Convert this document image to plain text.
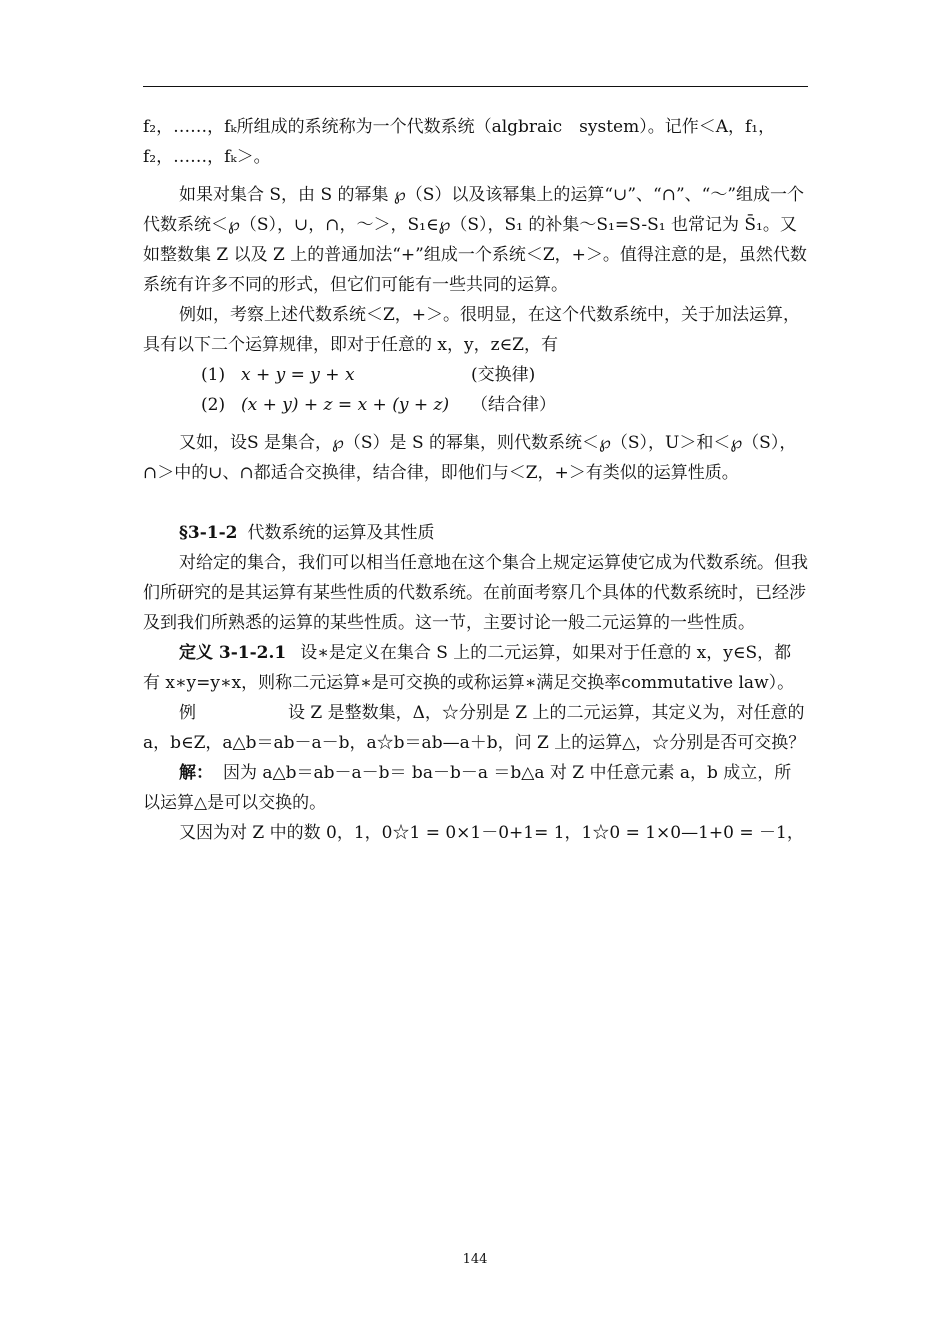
f₂，……，fₖ所组成的系统称为一个代数系统（algbraic　system）。记作＜A，f₁，

f₂，……，fₖ＞。

如果对集合 S，由 S 的幂集 ℘（S）以及该幂集上的运算“∪”、“∩”、“～”组成一个代数系统＜℘（S），∪，∩，～＞，S₁∈℘（S），S₁ 的补集～S₁=S-S₁ 也常记为 S̄₁。又如整数集 Z 以及 Z 上的普通加法“+”组成一个系统＜Z，+＞。值得注意的是，虽然代数系统有许多不同的形式，但它们可能有一些共同的运算。

例如，考察上述代数系统＜Z，+＞。很明显，在这个代数系统中，关于加法运算，具有以下二个运算规律，即对于任意的 x，y，z∈Z，有

(1) x + y = y + x	(交换律)
(2) (x + y) + z = x + (y + z) （结合律）

又如，设S 是集合，℘（S）是 S 的幂集，则代数系统＜℘（S），U＞和＜℘（S），∩＞中的∪、∩都适合交换律，结合律，即他们与＜Z，+＞有类似的运算性质。

§3-1-2 代数系统的运算及其性质

对给定的集合，我们可以相当任意地在这个集合上规定运算使它成为代数系统。但我们所研究的是其运算有某些性质的代数系统。在前面考察几个具体的代数系统时，已经涉及到我们所熟悉的运算的某些性质。这一节，主要讨论一般二元运算的一些性质。

定义 3-1-2.1 设∗是定义在集合 S 上的二元运算，如果对于任意的 x，y∈S，都有 x∗y=y∗x，则称二元运算∗是可交换的或称运算∗满足交换率commutative law）。

例	设 Z 是整数集，Δ，☆分别是 Z 上的二元运算，其定义为，对任意的 a，b∈Z，a△b＝ab－a－b，a☆b＝ab—a＋b，问 Z 上的运算△，☆分别是否可交换？

解： 因为 a△b＝ab－a－b＝ ba－b－a ＝b△a 对 Z 中任意元素 a，b 成立，所以运算△是可以交换的。

又因为对 Z 中的数 0，1，0☆1 = 0×1－0+1= 1，1☆0 = 1×0—1+0 = －1，

144
